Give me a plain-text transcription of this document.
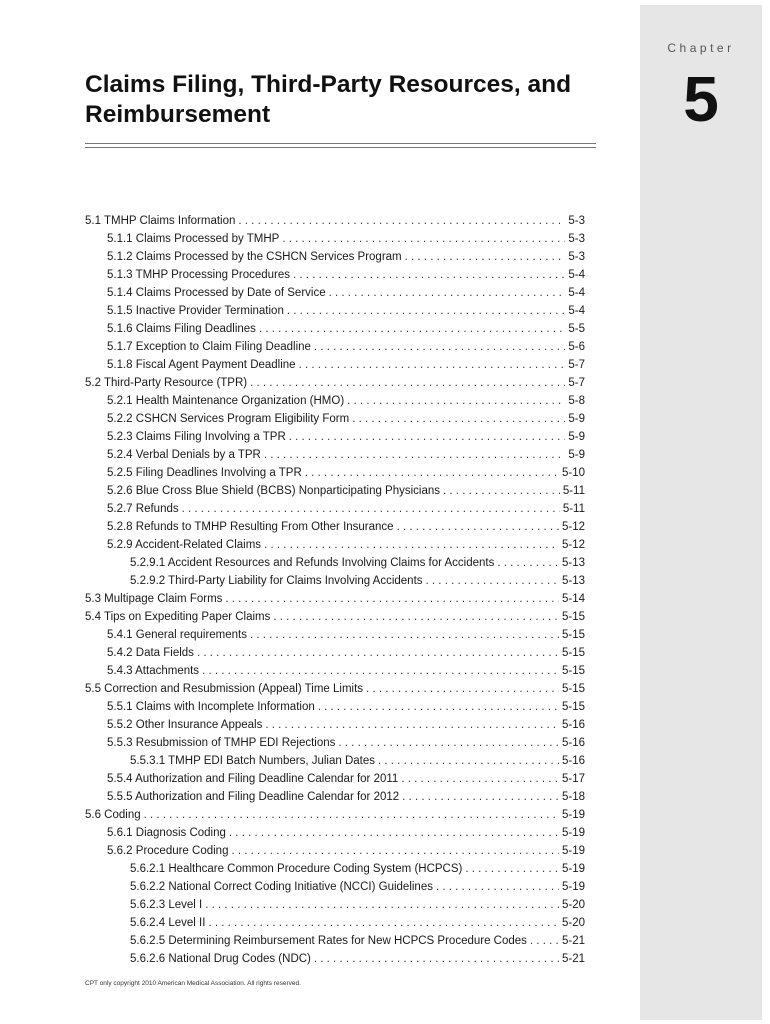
Chapter
5
Claims Filing, Third-Party Resources, and Reimbursement
5.1 TMHP Claims Information . . .	5-3
5.1.1 Claims Processed by TMHP . . .	5-3
5.1.2 Claims Processed by the CSHCN Services Program . . .	5-3
5.1.3 TMHP Processing Procedures . . .	5-4
5.1.4 Claims Processed by Date of Service . . .	5-4
5.1.5 Inactive Provider Termination . . .	5-4
5.1.6 Claims Filing Deadlines . . .	5-5
5.1.7 Exception to Claim Filing Deadline . . .	5-6
5.1.8 Fiscal Agent Payment Deadline . . .	5-7
5.2 Third-Party Resource (TPR) . . .	5-7
5.2.1 Health Maintenance Organization (HMO) . . .	5-8
5.2.2 CSHCN Services Program Eligibility Form . . .	5-9
5.2.3 Claims Filing Involving a TPR . . .	5-9
5.2.4 Verbal Denials by a TPR . . .	5-9
5.2.5 Filing Deadlines Involving a TPR . . .	5-10
5.2.6 Blue Cross Blue Shield (BCBS) Nonparticipating Physicians . . .	5-11
5.2.7 Refunds . . .	5-11
5.2.8 Refunds to TMHP Resulting From Other Insurance . . .	5-12
5.2.9 Accident-Related Claims . . .	5-12
5.2.9.1 Accident Resources and Refunds Involving Claims for Accidents . . .	5-13
5.2.9.2 Third-Party Liability for Claims Involving Accidents . . .	5-13
5.3 Multipage Claim Forms . . .	5-14
5.4 Tips on Expediting Paper Claims . . .	5-15
5.4.1 General requirements . . .	5-15
5.4.2 Data Fields . . .	5-15
5.4.3 Attachments . . .	5-15
5.5 Correction and Resubmission (Appeal) Time Limits . . .	5-15
5.5.1 Claims with Incomplete Information . . .	5-15
5.5.2 Other Insurance Appeals . . .	5-16
5.5.3 Resubmission of TMHP EDI Rejections . . .	5-16
5.5.3.1 TMHP EDI Batch Numbers, Julian Dates . . .	5-16
5.5.4 Authorization and Filing Deadline Calendar for 2011 . . .	5-17
5.5.5 Authorization and Filing Deadline Calendar for 2012 . . .	5-18
5.6 Coding . . .	5-19
5.6.1 Diagnosis Coding . . .	5-19
5.6.2 Procedure Coding . . .	5-19
5.6.2.1 Healthcare Common Procedure Coding System (HCPCS) . . .	5-19
5.6.2.2 National Correct Coding Initiative (NCCI) Guidelines . . .	5-19
5.6.2.3 Level I . . .	5-20
5.6.2.4 Level II . . .	5-20
5.6.2.5 Determining Reimbursement Rates for New HCPCS Procedure Codes . . .	5-21
5.6.2.6 National Drug Codes (NDC) . . .	5-21
CPT only copyright 2010 American Medical Association. All rights reserved.
